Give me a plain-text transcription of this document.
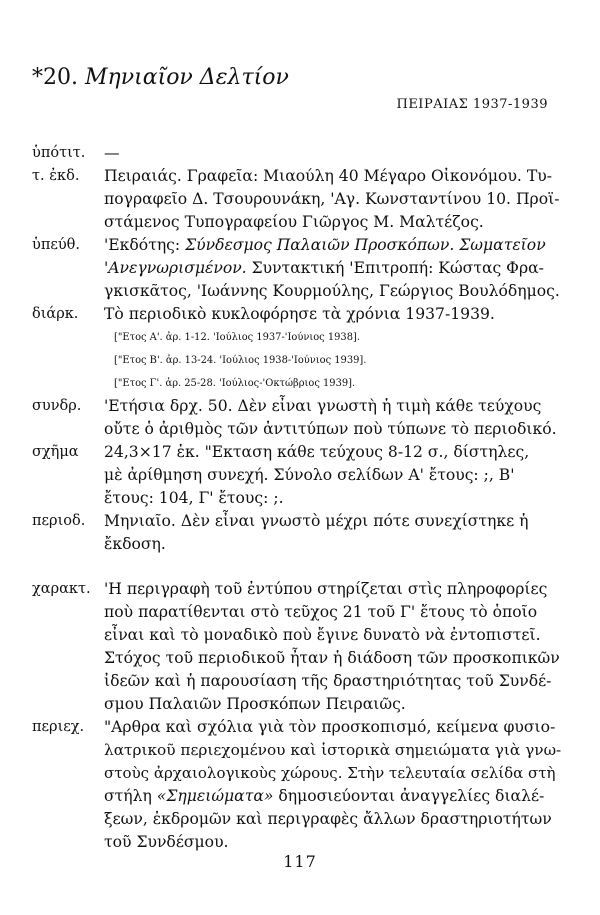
*20. Μηνιαῖον Δελτίον
ΠΕΙΡΑΙΑΣ 1937-1939
ὑπότιτ.	—
τ. ἐκδ.	Πειραιάς. Γραφεῖα: Μιαούλη 40 Μέγαρο Οἰκονόμου. Τυ-
πογραφεῖο Δ. Τσουρουνάκη, 'Αγ. Κωνσταντίνου 10. Προϊ-
στάμενος Τυπογραφείου Γιῶργος Μ. Μαλτέζος.
ὑπεύθ.	'Εκδότης: Σύνδεσμος Παλαιῶν Προσκόπων. Σωματεῖον
'Ανεγνωρισμένον. Συντακτική 'Επιτροπή: Κώστας Φρα-
γκισκᾶτος, 'Ιωάννης Κουρμούλης, Γεώργιος Βουλόδημος.
διάρκ.	Τὸ περιοδικὸ κυκλοφόρησε τὰ χρόνια 1937-1939.
["Ετος Α'. ἀρ. 1-12. 'Ιούλιος 1937-'Ιούνιος 1938].
["Ετος Β'. ἀρ. 13-24. 'Ιούλιος 1938-'Ιούνιος 1939].
["Ετος Γ'. ἀρ. 25-28. 'Ιούλιος-'Οκτώβριος 1939].
συνδρ.	'Ετήσια δρχ. 50. Δὲν εἶναι γνωστὴ ἡ τιμὴ κάθε τεύχους
οὔτε ὁ ἀριθμὸς τῶν ἀντιτύπων ποὺ τύπωνε τὸ περιοδικό.
σχῆμα	24,3×17 ἑκ. "Εκταση κάθε τεύχους 8-12 σ., δίστηλες,
μὲ ἀρίθμηση συνεχή. Σύνολο σελίδων Α' ἔτους: ;, Β'
ἔτους: 104, Γ' ἔτους: ;.
περιοδ.	Μηνιαῖο. Δὲν εἶναι γνωστὸ μέχρι πότε συνεχίστηκε ἡ
ἔκδοση.
χαρακτ. 'Η περιγραφὴ τοῦ ἐντύπου στηρίζεται στὶς πληροφορίες
ποὺ παρατίθενται στὸ τεῦχος 21 τοῦ Γ' ἔτους τὸ ὁποῖο
εἶναι καὶ τὸ μοναδικὸ ποὺ ἔγινε δυνατὸ νὰ ἐντοπιστεῖ.
Στόχος τοῦ περιοδικοῦ ἦταν ἡ διάδοση τῶν προσκοπικῶν
ἰδεῶν καὶ ἡ παρουσίαση τῆς δραστηριότητας τοῦ Συνδέ-
σμου Παλαιῶν Προσκόπων Πειραιῶς.
περιεχ.	"Αρθρα καὶ σχόλια γιὰ τὸν προσκοπισμό, κείμενα φυσιο-
λατρικοῦ περιεχομένου καὶ ἱστορικὰ σημειώματα γιὰ γνω-
στοὺς ἀρχαιολογικοὺς χώρους. Στὴν τελευταία σελίδα στὴ
στήλη «Σημειώματα» δημοσιεύονται ἀναγγελίες διαλέ-
ξεων, ἐκδρομῶν καὶ περιγραφὲς ἄλλων δραστηριοτήτων
τοῦ Συνδέσμου.
117
